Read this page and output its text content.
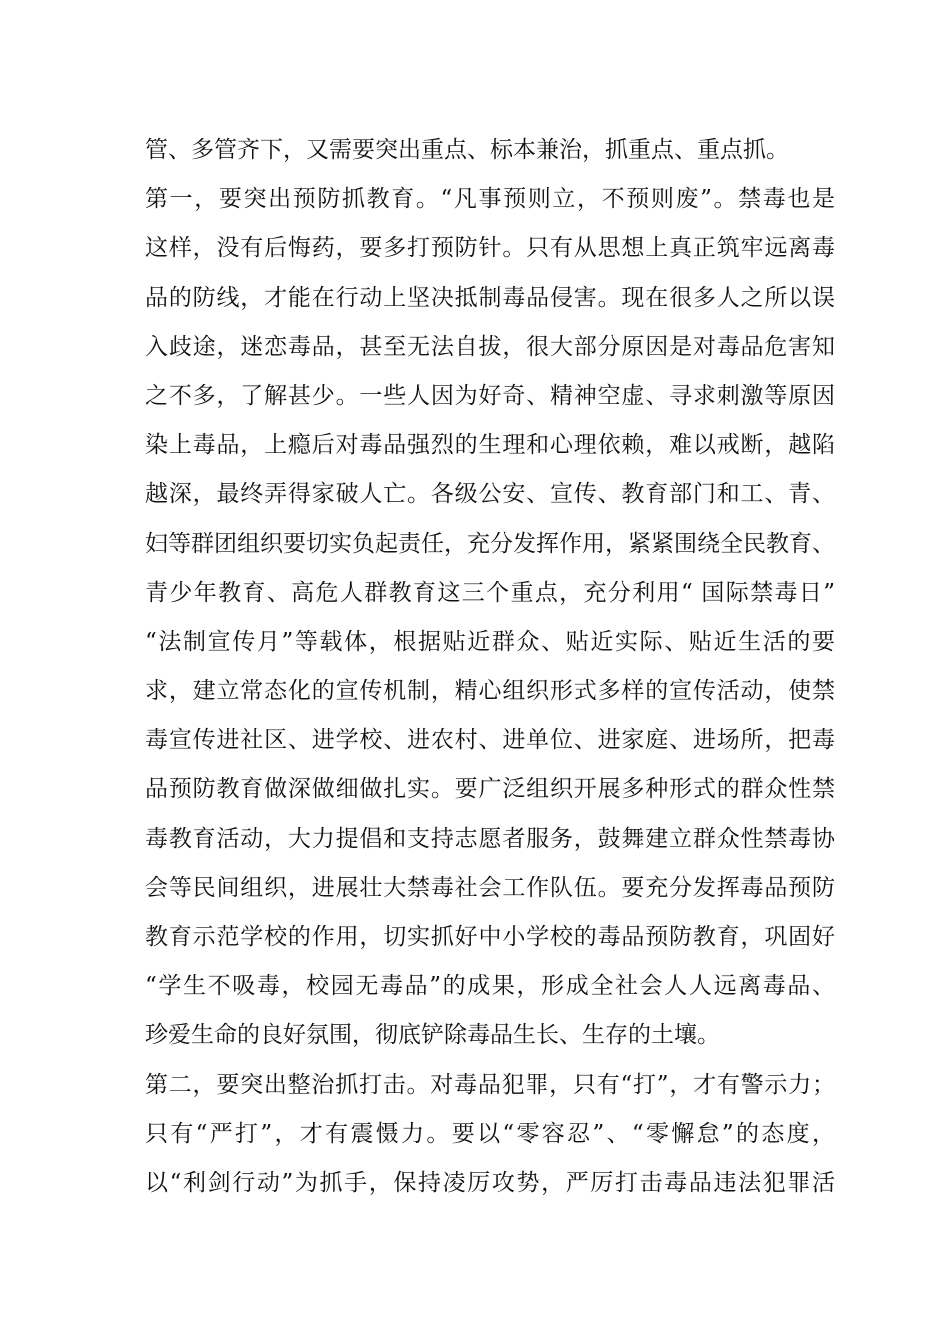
管、多管齐下，又需要突出重点、标本兼治，抓重点、重点抓。
第一，要突出预防抓教育。“凡事预则立，不预则废”。禁毒也是
这样，没有后悔药，要多打预防针。只有从思想上真正筑牢远离毒
品的防线，才能在行动上坚决抵制毒品侵害。现在很多人之所以误
入歧途，迷恋毒品，甚至无法自拔，很大部分原因是对毒品危害知
之不多，了解甚少。一些人因为好奇、精神空虚、寻求刺激等原因
染上毒品，上瘾后对毒品强烈的生理和心理依赖，难以戒断，越陷
越深，最终弄得家破人亡。各级公安、宣传、教育部门和工、青、
妇等群团组织要切实负起责任，充分发挥作用，紧紧围绕全民教育、
青少年教育、高危人群教育这三个重点，充分利用“ 国际禁毒日”
“法制宣传月”等载体，根据贴近群众、贴近实际、贴近生活的要
求，建立常态化的宣传机制，精心组织形式多样的宣传活动，使禁
毒宣传进社区、进学校、进农村、进单位、进家庭、进场所，把毒
品预防教育做深做细做扎实。要广泛组织开展多种形式的群众性禁
毒教育活动，大力提倡和支持志愿者服务，鼓舞建立群众性禁毒协
会等民间组织，进展壮大禁毒社会工作队伍。要充分发挥毒品预防
教育示范学校的作用，切实抓好中小学校的毒品预防教育，巩固好
“学生不吸毒，校园无毒品”的成果，形成全社会人人远离毒品、
珍爱生命的良好氛围，彻底铲除毒品生长、生存的土壤。
第二，要突出整治抓打击。对毒品犯罪，只有“打”，才有警示力；
只有“严打”，才有震慑力。要以“零容忍”、“零懈怠”的态度，
以“利剑行动”为抓手，保持凌厉攻势，严厉打击毒品违法犯罪活
